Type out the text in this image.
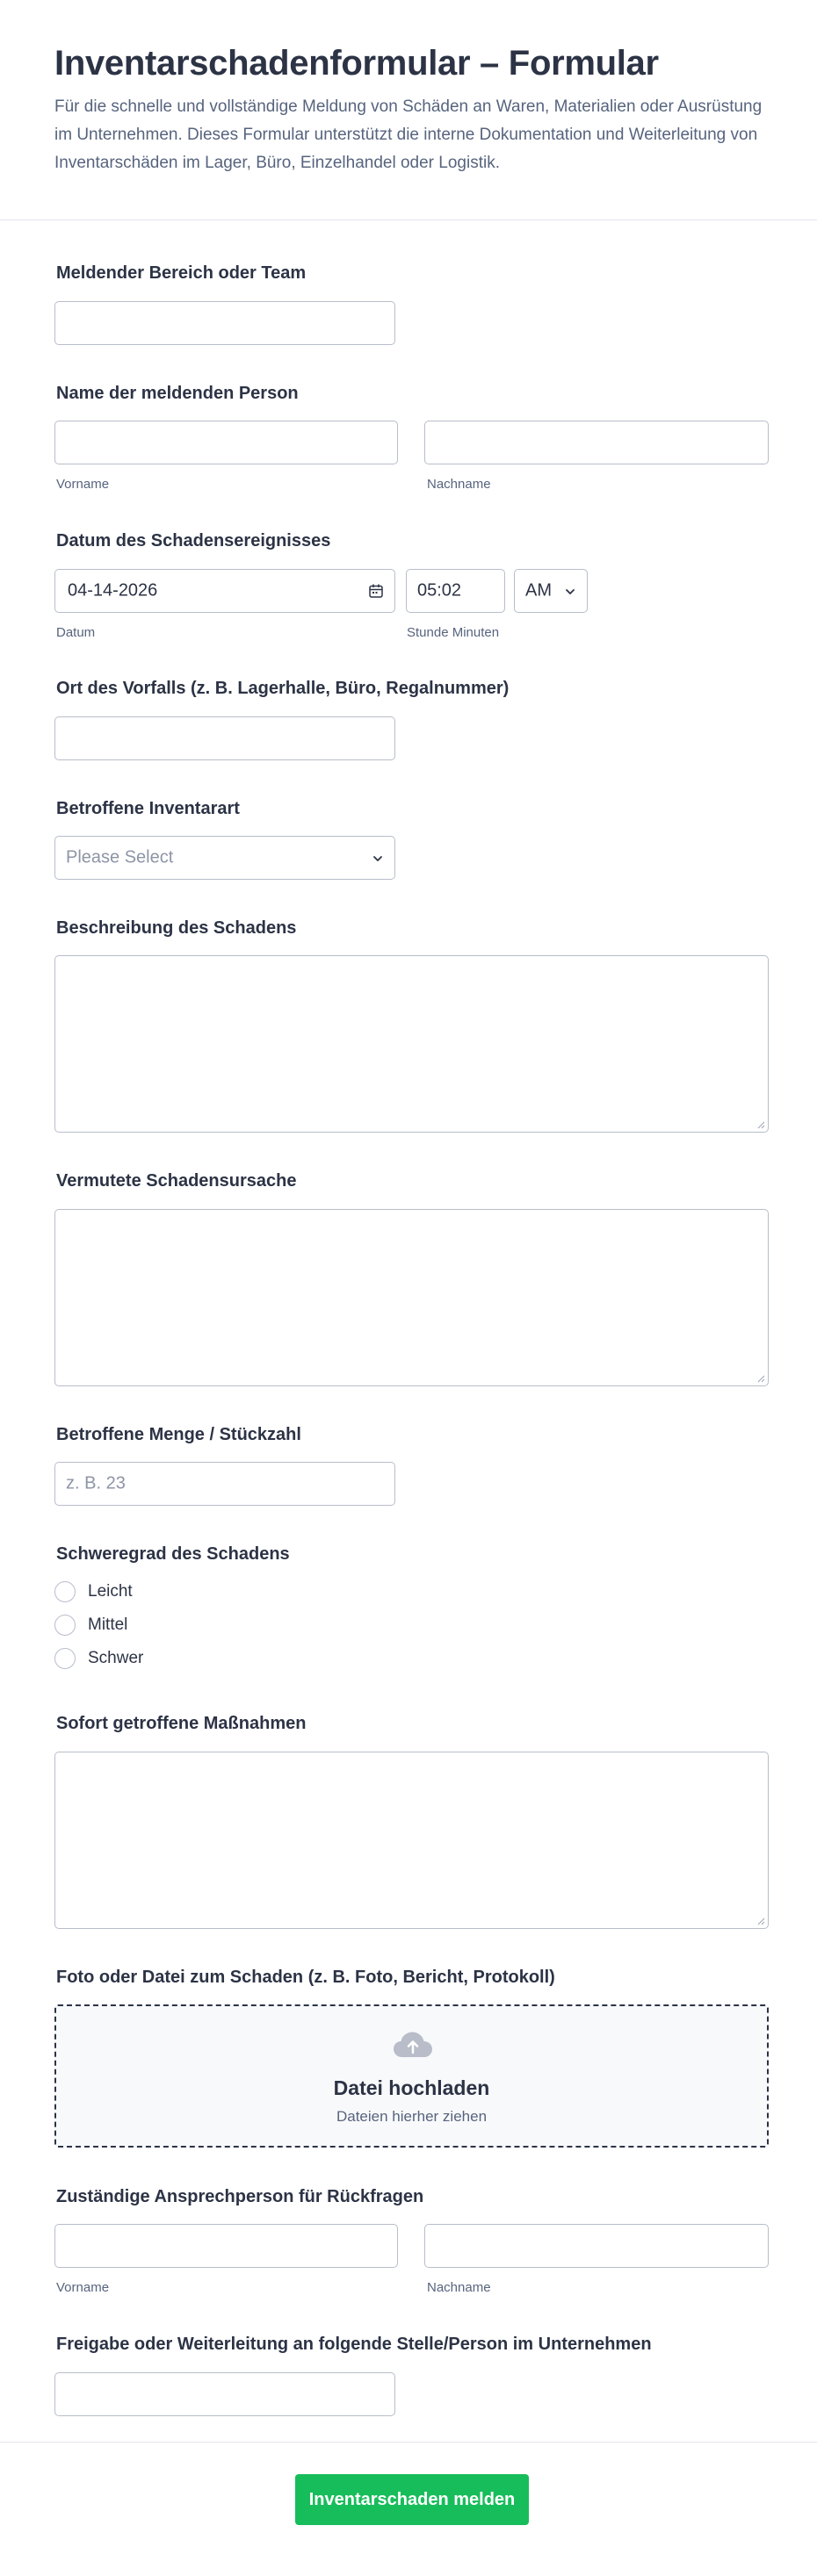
Inventarschadenformular – Formular
Für die schnelle und vollständige Meldung von Schäden an Waren, Materialien oder Ausrüstung im Unternehmen. Dieses Formular unterstützt die interne Dokumentation und Weiterleitung von Inventarschäden im Lager, Büro, Einzelhandel oder Logistik.
Meldender Bereich oder Team
Name der meldenden Person
Vorname	Nachname
Datum des Schadensereignisses
04-14-2026	05:02	AM
Datum	Stunde Minuten
Ort des Vorfalls (z. B. Lagerhalle, Büro, Regalnummer)
Betroffene Inventarart
Please Select
Beschreibung des Schadens
Vermutete Schadensursache
Betroffene Menge / Stückzahl
z. B. 23
Schweregrad des Schadens
Leicht
Mittel
Schwer
Sofort getroffene Maßnahmen
Foto oder Datei zum Schaden (z. B. Foto, Bericht, Protokoll)
Datei hochladen
Dateien hierher ziehen
Zuständige Ansprechperson für Rückfragen
Vorname	Nachname
Freigabe oder Weiterleitung an folgende Stelle/Person im Unternehmen
Inventarschaden melden
